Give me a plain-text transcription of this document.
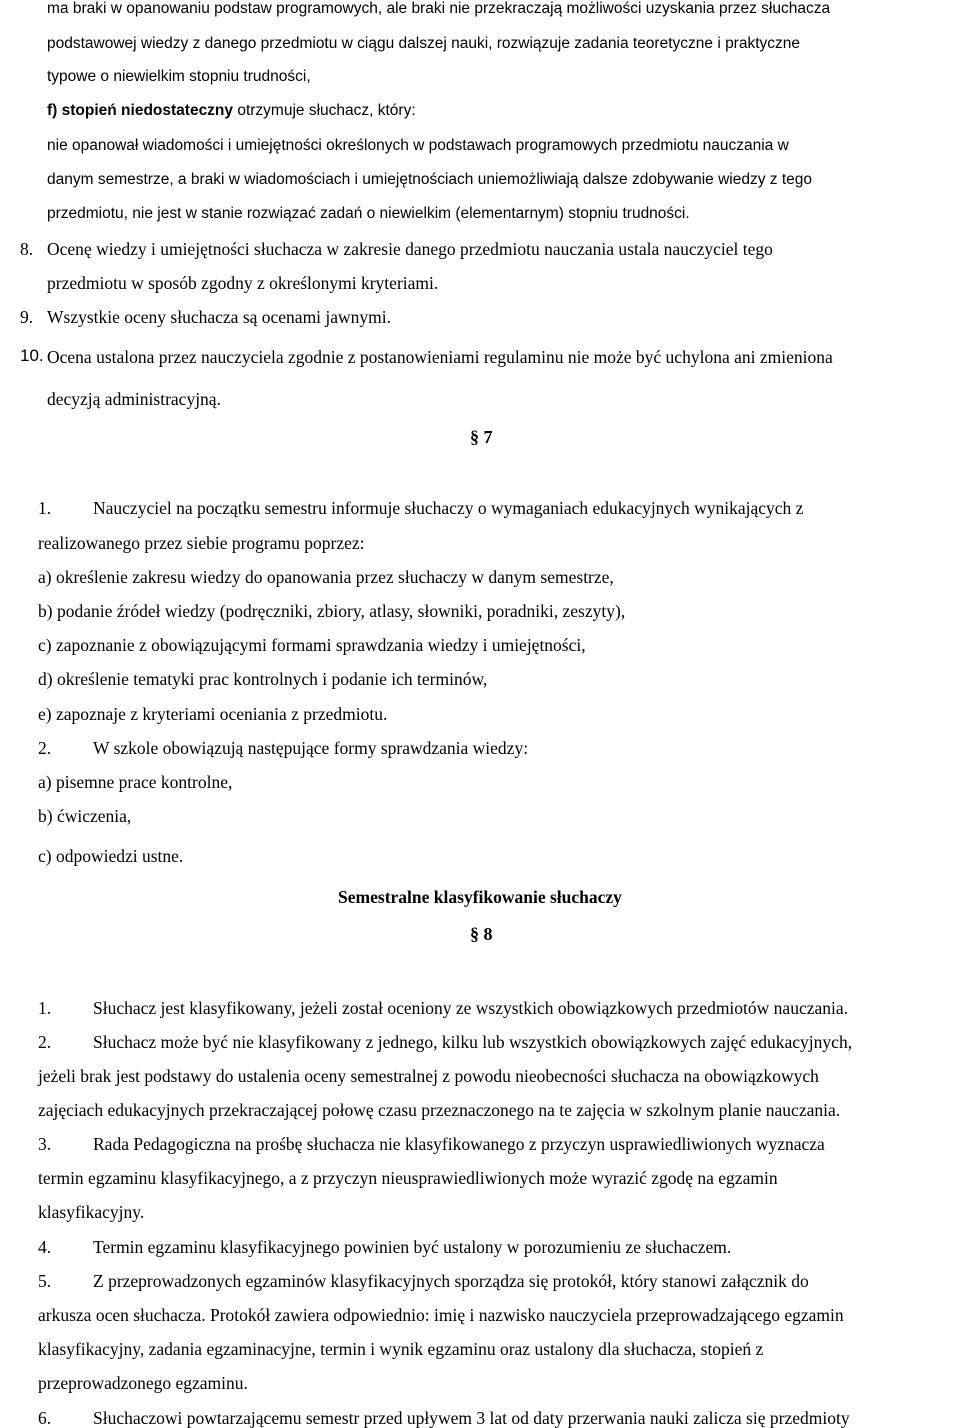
ma braki w opanowaniu podstaw programowych, ale braki nie przekraczają możliwości uzyskania przez słuchacza
podstawowej wiedzy z danego przedmiotu w ciągu dalszej nauki, rozwiązuje zadania teoretyczne i praktyczne
typowe o niewielkim stopniu trudności,
f) stopień niedostateczny otrzymuje słuchacz, który:
nie opanował wiadomości i umiejętności określonych w podstawach programowych przedmiotu nauczania w
danym semestrze, a braki w wiadomościach i umiejętnościach uniemożliwiają dalsze zdobywanie wiedzy z tego
przedmiotu, nie jest w stanie rozwiązać zadań o niewielkim (elementarnym) stopniu trudności.
8. Ocenę wiedzy i umiejętności słuchacza w zakresie danego przedmiotu nauczania ustala nauczyciel tego
przedmiotu w sposób zgodny z określonymi kryteriami.
9. Wszystkie oceny słuchacza są ocenami jawnymi.
10. Ocena ustalona przez nauczyciela zgodnie z postanowieniami regulaminu nie może być uchylona ani zmieniona
decyzją administracyjną.
§ 7
1. Nauczyciel na początku semestru informuje słuchaczy o wymaganiach edukacyjnych wynikających z
realizowanego przez siebie programu poprzez:
a) określenie zakresu wiedzy do opanowania przez słuchaczy w danym semestrze,
b) podanie źródeł wiedzy (podręczniki, zbiory, atlasy, słowniki, poradniki, zeszyty),
c) zapoznanie z obowiązującymi formami sprawdzania wiedzy i umiejętności,
d) określenie tematyki prac kontrolnych i podanie ich terminów,
e) zapoznaje z kryteriami oceniania z przedmiotu.
2. W szkole obowiązują następujące formy sprawdzania wiedzy:
a) pisemne prace kontrolne,
b) ćwiczenia,
c) odpowiedzi ustne.
Semestralne klasyfikowanie słuchaczy
§ 8
1. Słuchacz jest klasyfikowany, jeżeli został oceniony ze wszystkich obowiązkowych przedmiotów nauczania.
2. Słuchacz może być nie klasyfikowany z jednego, kilku lub wszystkich obowiązkowych zajęć edukacyjnych,
jeżeli brak jest podstawy do ustalenia oceny semestralnej z powodu nieobecności słuchacza na obowiązkowych
zajęciach edukacyjnych przekraczającej połowę czasu przeznaczonego na te zajęcia w szkolnym planie nauczania.
3. Rada Pedagogiczna na prośbę słuchacza nie klasyfikowanego z przyczyn usprawiedliwionych wyznacza
termin egzaminu klasyfikacyjnego, a z przyczyn nieusprawiedliwionych może wyrazić zgodę na egzamin
klasyfikacyjny.
4. Termin egzaminu klasyfikacyjnego powinien być ustalony w porozumieniu ze słuchaczem.
5. Z przeprowadzonych egzaminów klasyfikacyjnych sporządza się protokół, który stanowi załącznik do
arkusza ocen słuchacza. Protokół zawiera odpowiednio: imię i nazwisko nauczyciela przeprowadzającego egzamin
klasyfikacyjny, zadania egzaminacyjne, termin i wynik egzaminu oraz ustalony dla słuchacza, stopień z
przeprowadzonego egzaminu.
6. Słuchaczowi powtarzającemu semestr przed upływem 3 lat od daty przerwania nauki zalicza się przedmioty
